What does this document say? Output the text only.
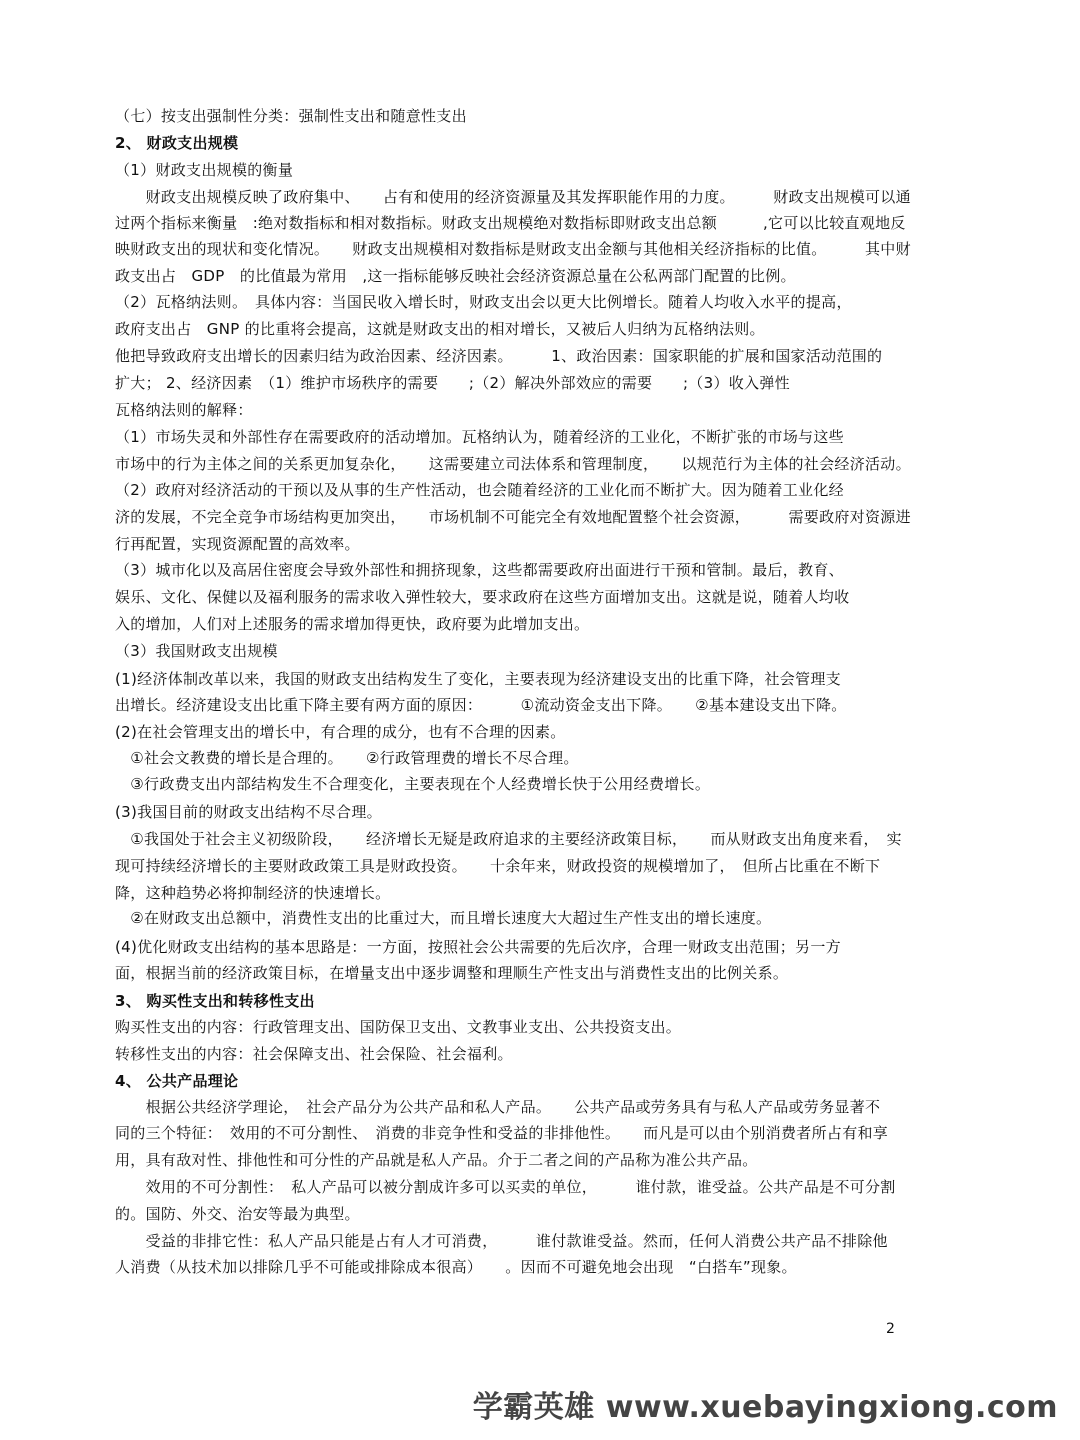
（七）按支出强制性分类：强制性支出和随意性支出
2、 财政支出规模
（1）财政支出规模的衡量
　　财政支出规模反映了政府集中、　　占有和使用的经济资源量及其发挥职能作用的力度。　　　财政支出规模可以通
过两个指标来衡量　:绝对数指标和相对数指标。财政支出规模绝对数指标即财政支出总额　　　,它可以比较直观地反
映财政支出的现状和变化情况。　　财政支出规模相对数指标是财政支出金额与其他相关经济指标的比值。　　　其中财
政支出占　GDP　的比值最为常用　,这一指标能够反映社会经济资源总量在公私两部门配置的比例。
（2）瓦格纳法则。　具体内容：当国民收入增长时，财政支出会以更大比例增长。随着人均收入水平的提高，
政府支出占　GNP 的比重将会提高，这就是财政支出的相对增长，又被后人归纳为瓦格纳法则。
他把导致政府支出增长的因素归结为政治因素、经济因素。　　　1、政治因素：国家职能的扩展和国家活动范围的
扩大； 2、经济因素　（1）维护市场秩序的需要　　;（2）解决外部效应的需要　　;（3）收入弹性
瓦格纳法则的解释：
（1）市场失灵和外部性存在需要政府的活动增加。瓦格纳认为，随着经济的工业化，不断扩张的市场与这些
市场中的行为主体之间的关系更加复杂化，　　这需要建立司法体系和管理制度，　　以规范行为主体的社会经济活动。
（2）政府对经济活动的干预以及从事的生产性活动，也会随着经济的工业化而不断扩大。因为随着工业化经
济的发展，不完全竞争市场结构更加突出，　　市场机制不可能完全有效地配置整个社会资源，　　　需要政府对资源进
行再配置，实现资源配置的高效率。
（3）城市化以及高居住密度会导致外部性和拥挤现象，这些都需要政府出面进行干预和管制。最后，教育、
娱乐、文化、保健以及福利服务的需求收入弹性较大，要求政府在这些方面增加支出。这就是说，随着人均收
入的增加，人们对上述服务的需求增加得更快，政府要为此增加支出。
（3）我国财政支出规模
(1)经济体制改革以来，我国的财政支出结构发生了变化，主要表现为经济建设支出的比重下降，社会管理支
出增长。经济建设支出比重下降主要有两方面的原因：　　　①流动资金支出下降。　　②基本建设支出下降。
(2)在社会管理支出的增长中，有合理的成分，也有不合理的因素。
　①社会文教费的增长是合理的。　　②行政管理费的增长不尽合理。
　③行政费支出内部结构发生不合理变化，主要表现在个人经费增长快于公用经费增长。
(3)我国目前的财政支出结构不尽合理。
　①我国处于社会主义初级阶段，　　经济增长无疑是政府追求的主要经济政策目标，　　而从财政支出角度来看，　实
现可持续经济增长的主要财政政策工具是财政投资。　　十余年来，财政投资的规模增加了，　但所占比重在不断下
降，这种趋势必将抑制经济的快速增长。
　②在财政支出总额中，消费性支出的比重过大，而且增长速度大大超过生产性支出的增长速度。
(4)优化财政支出结构的基本思路是：一方面，按照社会公共需要的先后次序，合理一财政支出范围；另一方
面，根据当前的经济政策目标，在增量支出中逐步调整和理顺生产性支出与消费性支出的比例关系。
3、 购买性支出和转移性支出
购买性支出的内容：行政管理支出、国防保卫支出、文教事业支出、公共投资支出。
转移性支出的内容：社会保障支出、社会保险、社会福利。
4、 公共产品理论
　　根据公共经济学理论，　社会产品分为公共产品和私人产品。　　公共产品或劳务具有与私人产品或劳务显著不
同的三个特征：　效用的不可分割性、　消费的非竞争性和受益的非排他性。　　而凡是可以由个别消费者所占有和享
用，具有敌对性、排他性和可分性的产品就是私人产品。介于二者之间的产品称为准公共产品。
　　效用的不可分割性：　私人产品可以被分割成许多可以买卖的单位，　　　谁付款，谁受益。公共产品是不可分割
的。国防、外交、治安等最为典型。
　　受益的非排它性：私人产品只能是占有人才可消费，　　　谁付款谁受益。然而，任何人消费公共产品不排除他
人消费（从技术加以排除几乎不可能或排除成本很高）　　。因而不可避免地会出现　“白搭车”现象。
2
学霸英雄 www.xuebayingxiong.com
